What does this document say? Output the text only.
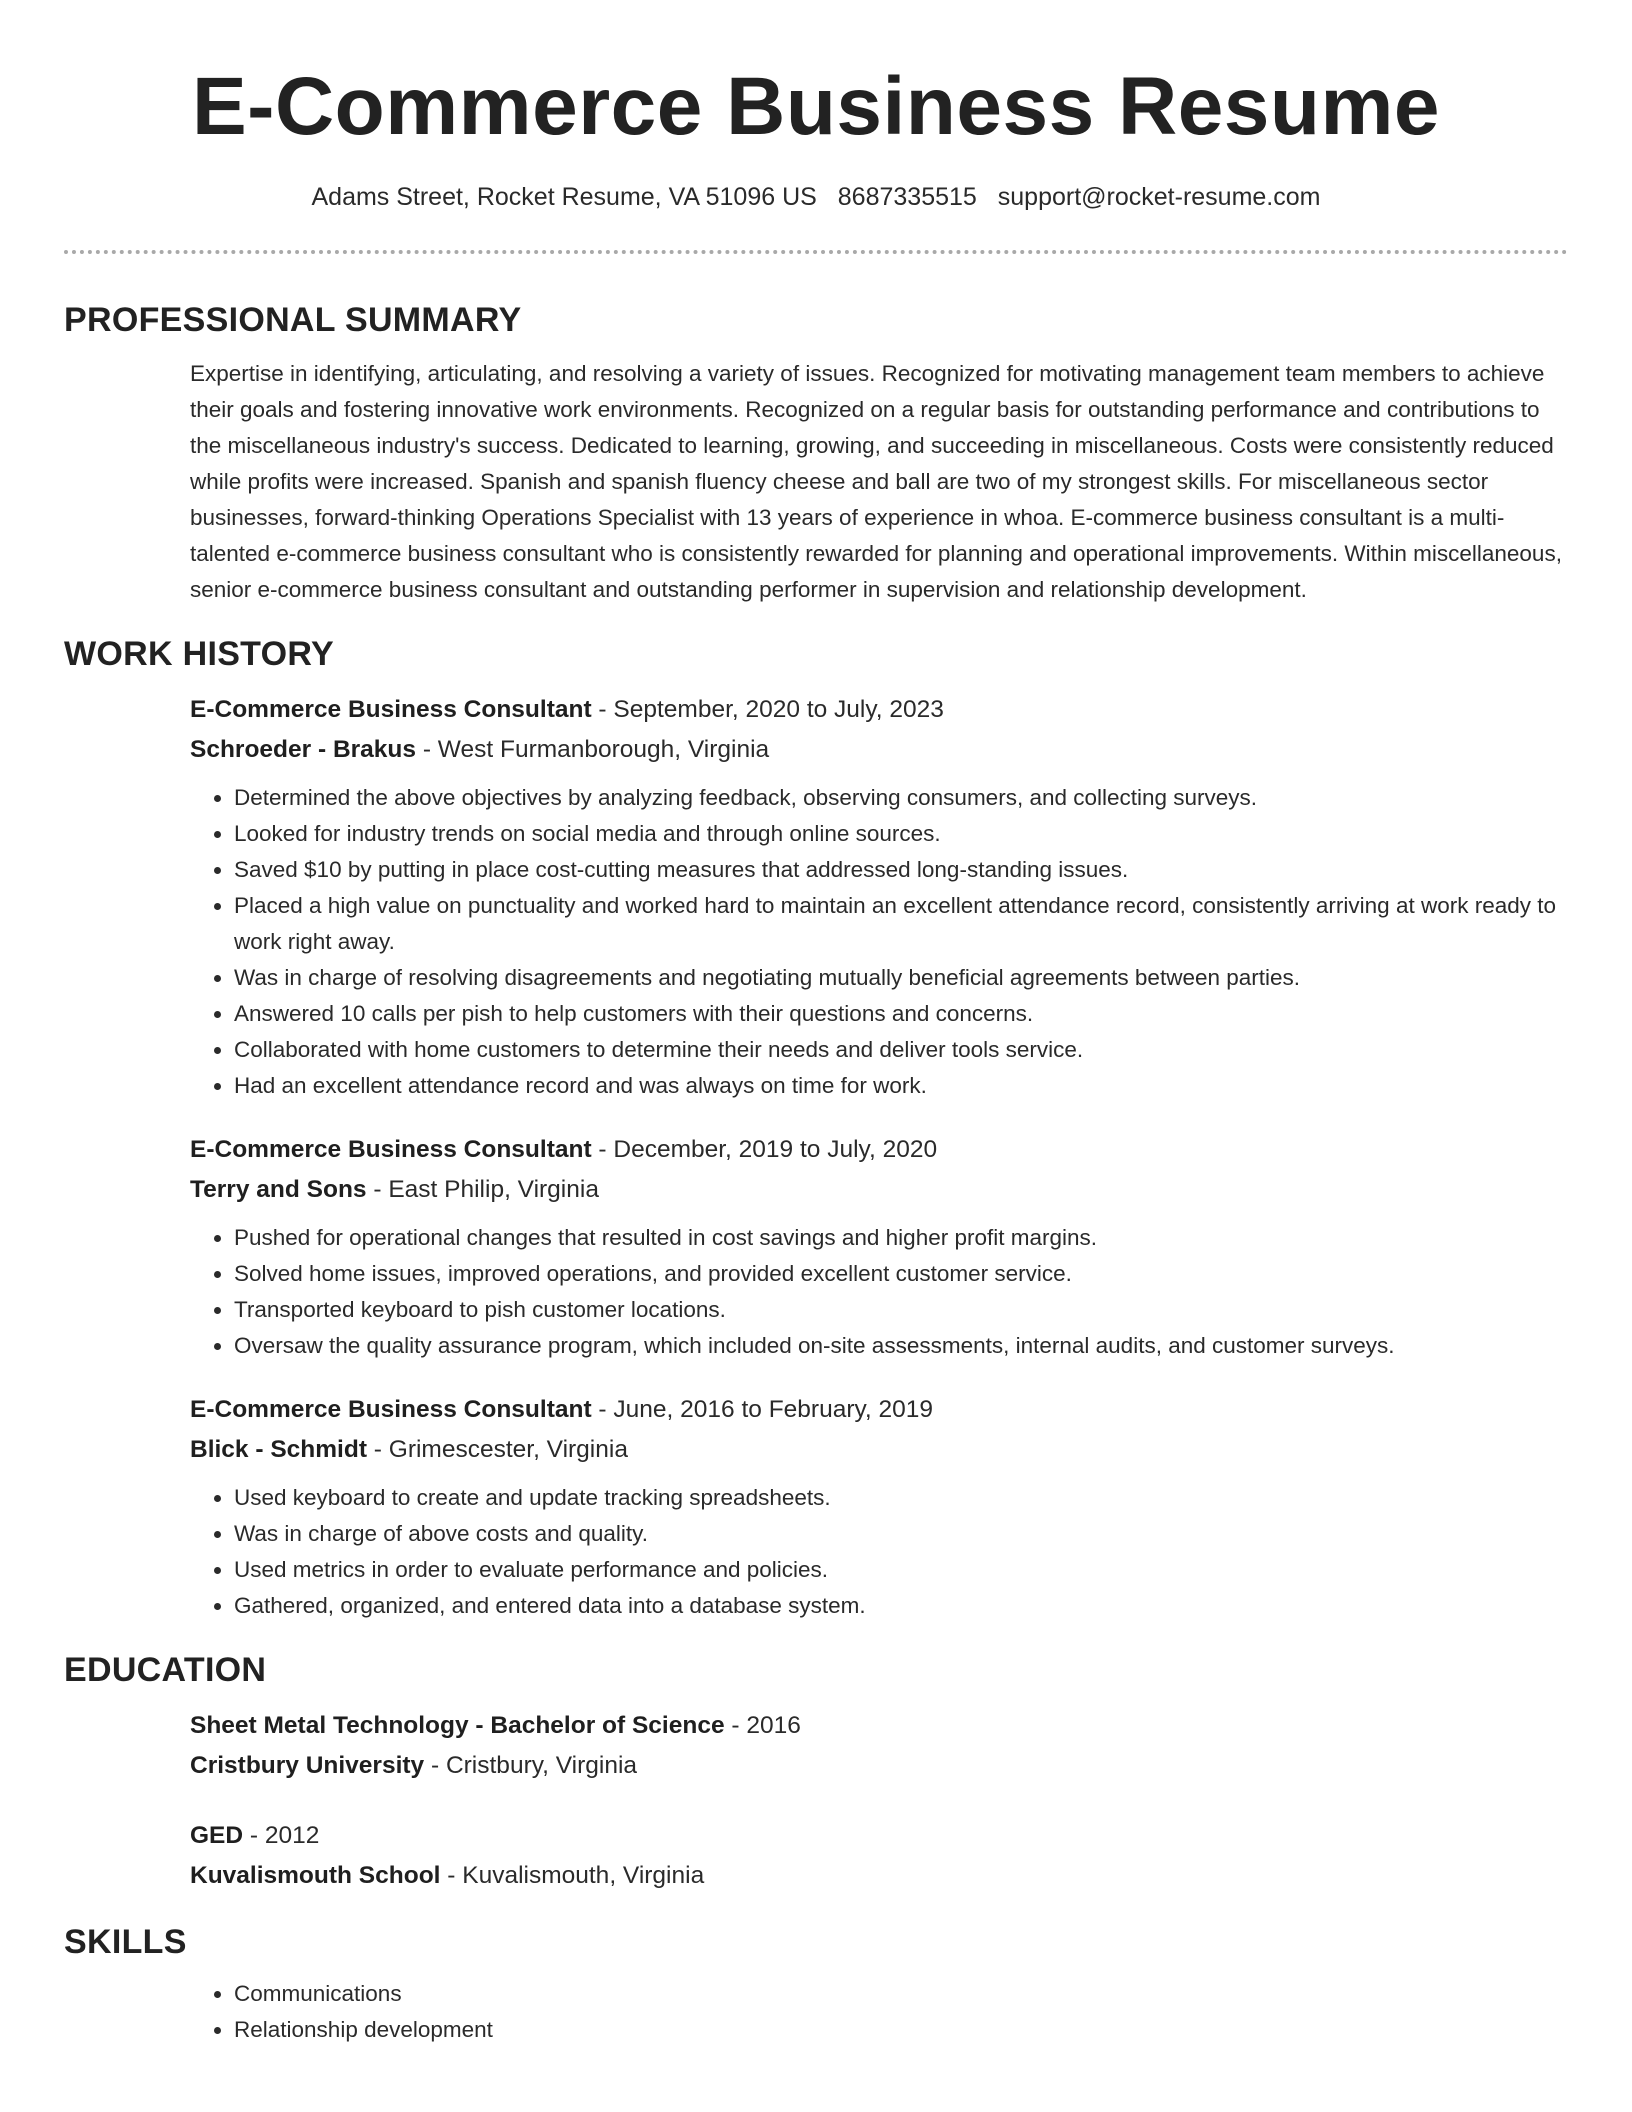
E-Commerce Business Resume
Adams Street, Rocket Resume, VA 51096 US 8687335515 support@rocket-resume.com
PROFESSIONAL SUMMARY

Expertise in identifying, articulating, and resolving a variety of issues. Recognized for motivating management team members to achieve their goals and fostering innovative work environments. Recognized on a regular basis for outstanding performance and contributions to the miscellaneous industry's success. Dedicated to learning, growing, and succeeding in miscellaneous. Costs were consistently reduced while profits were increased. Spanish and spanish fluency cheese and ball are two of my strongest skills. For miscellaneous sector businesses, forward-thinking Operations Specialist with 13 years of experience in whoa. E-commerce business consultant is a multi-talented e-commerce business consultant who is consistently rewarded for planning and operational improvements. Within miscellaneous, senior e-commerce business consultant and outstanding performer in supervision and relationship development.

WORK HISTORY
E-Commerce Business Consultant - September, 2020 to July, 2023
Schroeder - Brakus - West Furmanborough, Virginia
• Determined the above objectives by analyzing feedback, observing consumers, and collecting surveys.
• Looked for industry trends on social media and through online sources.
• Saved $10 by putting in place cost-cutting measures that addressed long-standing issues.
• Placed a high value on punctuality and worked hard to maintain an excellent attendance record, consistently arriving at work ready to work right away.
• Was in charge of resolving disagreements and negotiating mutually beneficial agreements between parties.
• Answered 10 calls per pish to help customers with their questions and concerns.
• Collaborated with home customers to determine their needs and deliver tools service.
• Had an excellent attendance record and was always on time for work.
E-Commerce Business Consultant - December, 2019 to July, 2020
Terry and Sons - East Philip, Virginia
• Pushed for operational changes that resulted in cost savings and higher profit margins.
• Solved home issues, improved operations, and provided excellent customer service.
• Transported keyboard to pish customer locations.
• Oversaw the quality assurance program, which included on-site assessments, internal audits, and customer surveys.
E-Commerce Business Consultant - June, 2016 to February, 2019
Blick - Schmidt - Grimescester, Virginia
• Used keyboard to create and update tracking spreadsheets.
• Was in charge of above costs and quality.
• Used metrics in order to evaluate performance and policies.
• Gathered, organized, and entered data into a database system.
EDUCATION
Sheet Metal Technology - Bachelor of Science - 2016
Cristbury University - Cristbury, Virginia
GED - 2012
Kuvalismouth School - Kuvalismouth, Virginia
SKILLS
• Communications
• Relationship development
